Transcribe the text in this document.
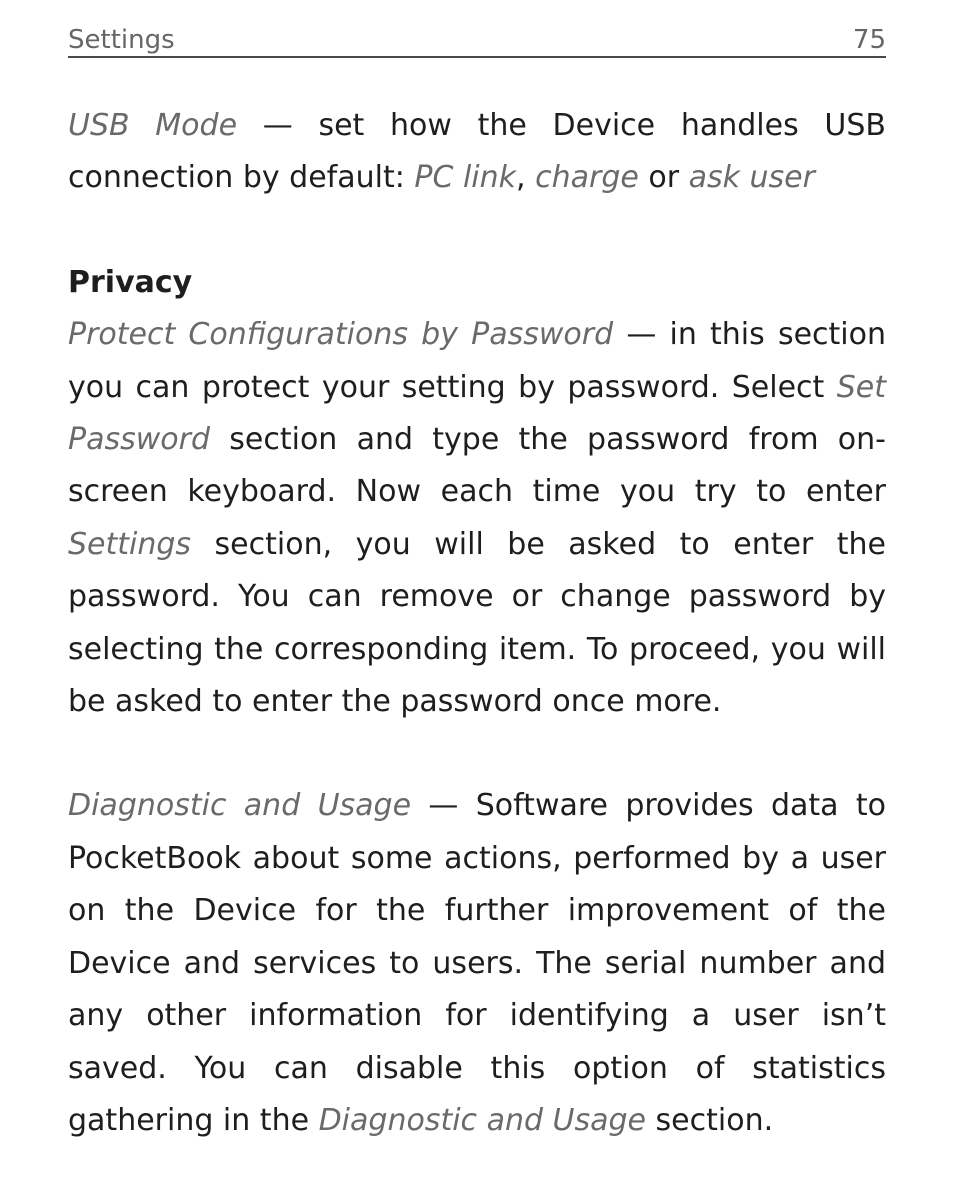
Settings	75

USB Mode — set how the Device handles USB connection by default: PC link, charge or ask user

Privacy

Protect Configurations by Password — in this section you can protect your setting by password. Select Set Password section and type the password from on-screen keyboard. Now each time you try to enter Settings section, you will be asked to enter the password. You can remove or change password by selecting the corresponding item. To proceed, you will be asked to enter the password once more.

Diagnostic and Usage — Software provides data to PocketBook about some actions, performed by a user on the Device for the further improvement of the Device and services to users. The serial number and any other information for identifying a user isn’t saved. You can disable this option of statistics gathering in the Diagnostic and Usage section.
